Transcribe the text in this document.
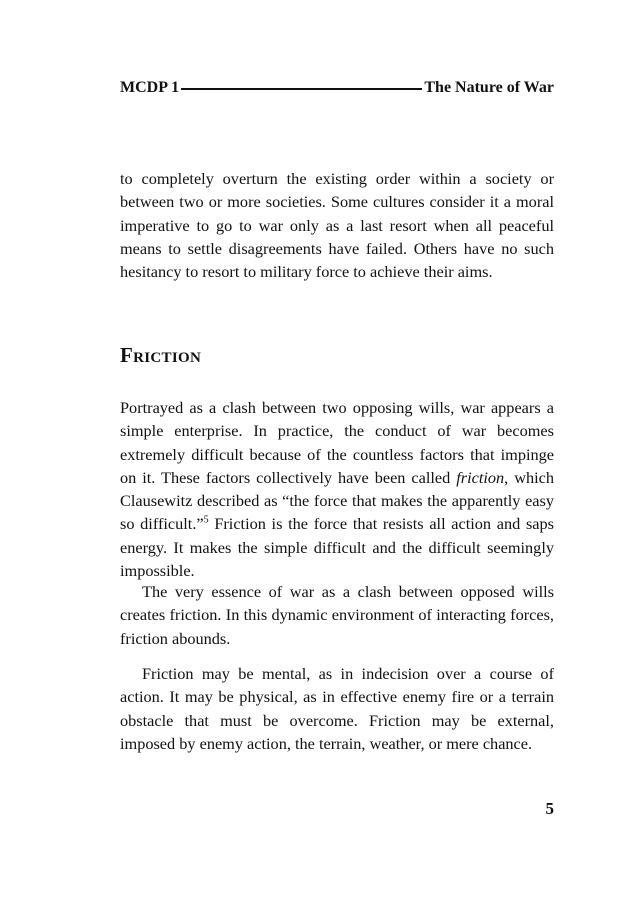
MCDP 1	The Nature of War

to completely overturn the existing order within a society or between two or more societies. Some cultures consider it a moral imperative to go to war only as a last resort when all peaceful means to settle disagreements have failed. Others have no such hesitancy to resort to military force to achieve their aims.

Friction

Portrayed as a clash between two opposing wills, war appears a simple enterprise. In practice, the conduct of war becomes extremely difficult because of the countless factors that impinge on it. These factors collectively have been called friction, which Clausewitz described as “the force that makes the apparently easy so difficult.”$^5$ Friction is the force that resists all action and saps energy. It makes the simple difficult and the difficult seemingly impossible.

The very essence of war as a clash between opposed wills creates friction. In this dynamic environment of interacting forces, friction abounds.

Friction may be mental, as in indecision over a course of action. It may be physical, as in effective enemy fire or a terrain obstacle that must be overcome. Friction may be external, imposed by enemy action, the terrain, weather, or mere chance.

5
